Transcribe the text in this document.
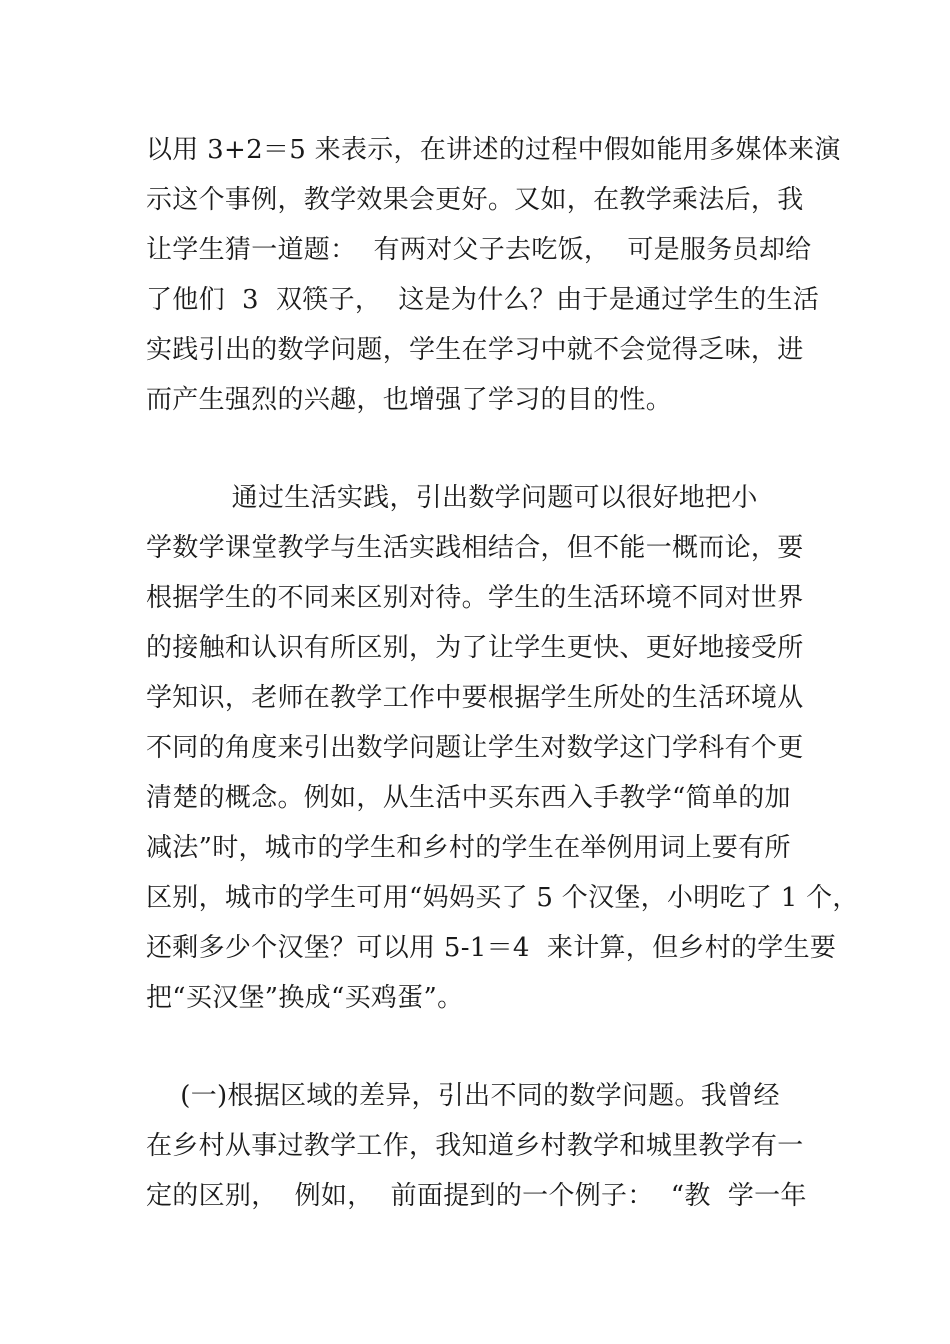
以用 3+2＝5 来表示，在讲述的过程中假如能用多媒体来演
示这个事例，教学效果会更好。又如，在教学乘法后，我
让学生猜一道题：  有两对父子去吃饭，  可是服务员却给
了他们  3  双筷子，  这是为什么？由于是通过学生的生活
实践引出的数学问题，学生在学习中就不会觉得乏味，进
而产生强烈的兴趣，也增强了学习的目的性。
通过生活实践，引出数学问题可以很好地把小
学数学课堂教学与生活实践相结合，但不能一概而论，要
根据学生的不同来区别对待。学生的生活环境不同对世界
的接触和认识有所区别，为了让学生更快、更好地接受所
学知识，老师在教学工作中要根据学生所处的生活环境从
不同的角度来引出数学问题让学生对数学这门学科有个更
清楚的概念。例如，从生活中买东西入手教学“简单的加
减法”时，城市的学生和乡村的学生在举例用词上要有所
区别，城市的学生可用“妈妈买了 5 个汉堡，小明吃了 1 个，
还剩多少个汉堡？可以用 5-1＝4  来计算，但乡村的学生要
把“买汉堡”换成“买鸡蛋”。
(一)根据区域的差异，引出不同的数学问题。我曾经
在乡村从事过教学工作，我知道乡村教学和城里教学有一
定的区别，  例如，  前面提到的一个例子：  “教  学一年
